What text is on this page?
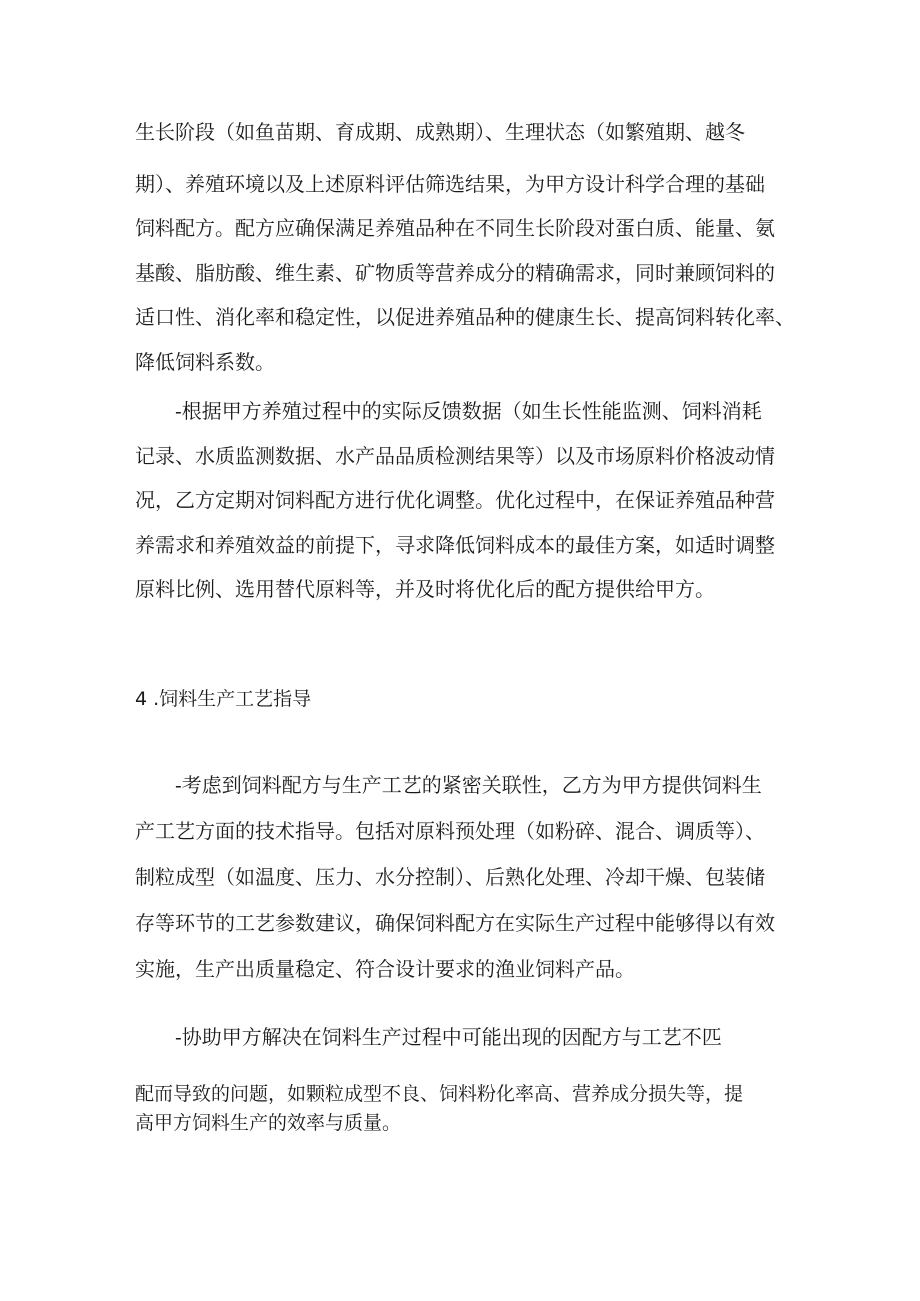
生长阶段（如鱼苗期、育成期、成熟期）、生理状态（如繁殖期、越冬
期）、养殖环境以及上述原料评估筛选结果，为甲方设计科学合理的基础
饲料配方。配方应确保满足养殖品种在不同生长阶段对蛋白质、能量、氨
基酸、脂肪酸、维生素、矿物质等营养成分的精确需求，同时兼顾饲料的
适口性、消化率和稳定性，以促进养殖品种的健康生长、提高饲料转化率、
降低饲料系数。
-根据甲方养殖过程中的实际反馈数据（如生长性能监测、饲料消耗
记录、水质监测数据、水产品品质检测结果等）以及市场原料价格波动情
况，乙方定期对饲料配方进行优化调整。优化过程中，在保证养殖品种营
养需求和养殖效益的前提下，寻求降低饲料成本的最佳方案，如适时调整
原料比例、选用替代原料等，并及时将优化后的配方提供给甲方。
4 .饲料生产工艺指导
-考虑到饲料配方与生产工艺的紧密关联性，乙方为甲方提供饲料生
产工艺方面的技术指导。包括对原料预处理（如粉碎、混合、调质等）、
制粒成型（如温度、压力、水分控制）、后熟化处理、冷却干燥、包装储
存等环节的工艺参数建议，确保饲料配方在实际生产过程中能够得以有效
实施，生产出质量稳定、符合设计要求的渔业饲料产品。
-协助甲方解决在饲料生产过程中可能出现的因配方与工艺不匹
配而导致的问题，如颗粒成型不良、饲料粉化率高、营养成分损失等，提
高甲方饲料生产的效率与质量。
